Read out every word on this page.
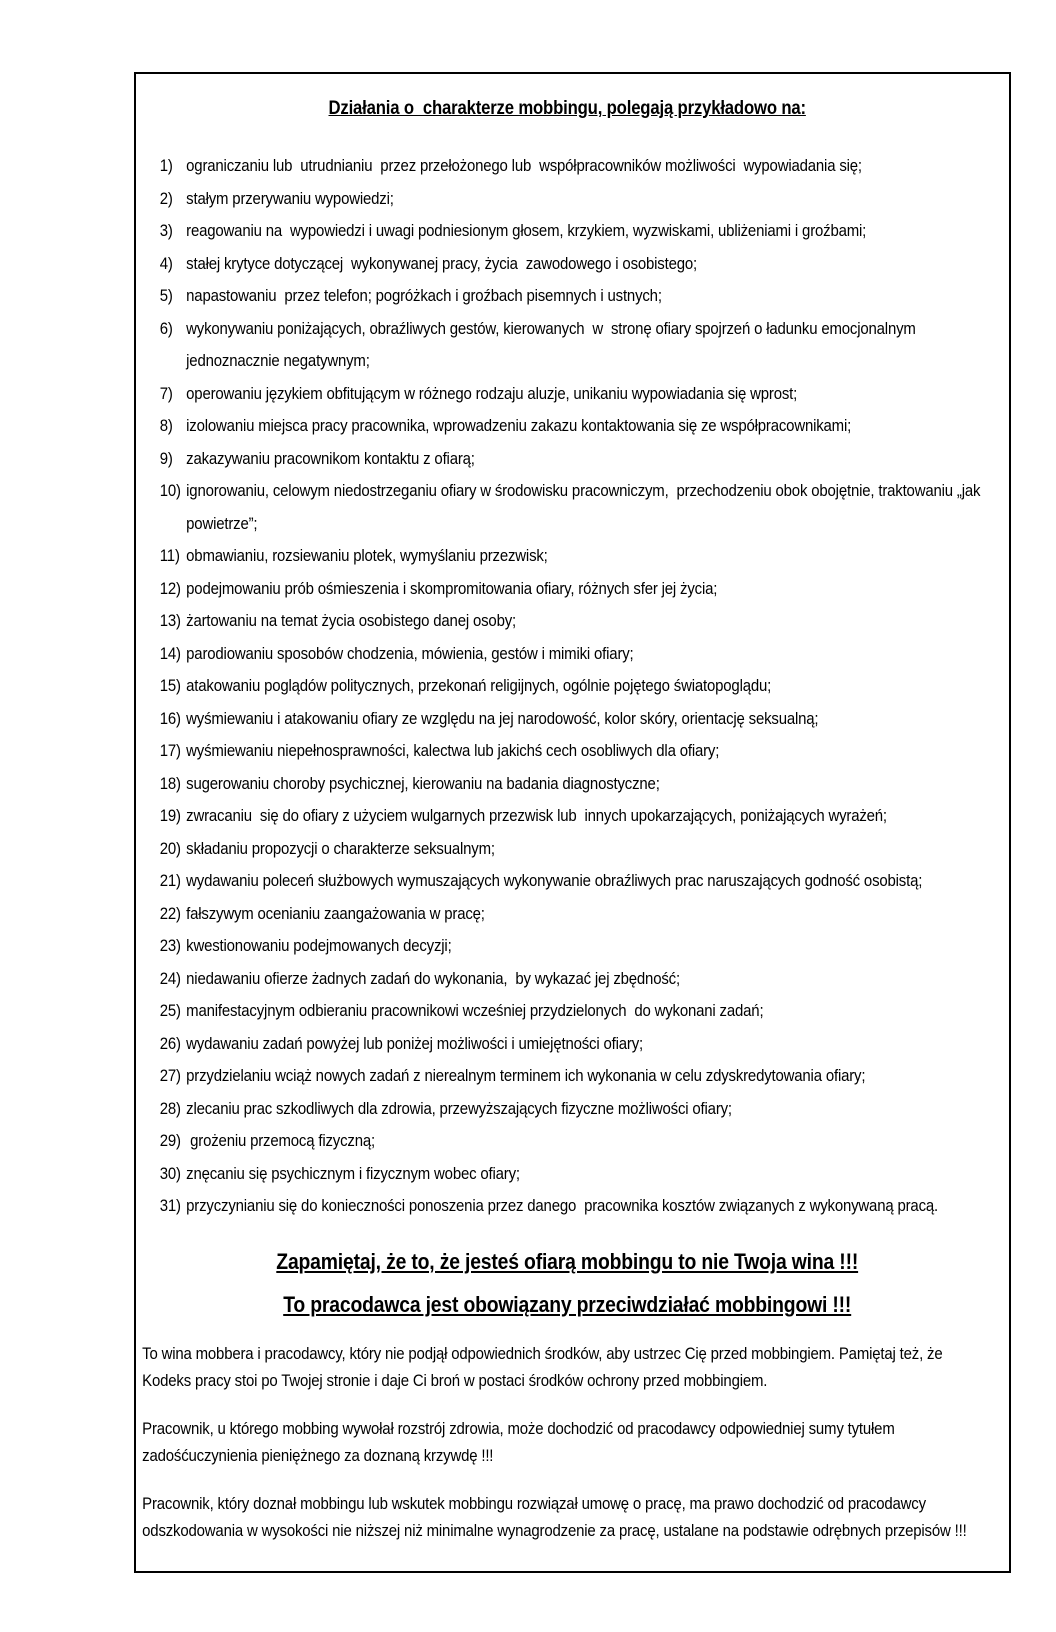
Działania o  charakterze mobbingu, polegają przykładowo na:
1) ograniczaniu lub  utrudnianiu  przez przełożonego lub  współpracowników możliwości  wypowiadania się;
2) stałym przerywaniu wypowiedzi;
3) reagowaniu na  wypowiedzi i uwagi podniesionym głosem, krzykiem, wyzwiskami, ubliżeniami i groźbami;
4) stałej krytyce dotyczącej  wykonywanej pracy, życia  zawodowego i osobistego;
5) napastowaniu  przez telefon; pogróżkach i groźbach pisemnych i ustnych;
6) wykonywaniu poniżających, obraźliwych gestów, kierowanych  w  stronę ofiary spojrzeń o ładunku emocjonalnym jednoznacznie negatywnym;
7) operowaniu językiem obfitującym w różnego rodzaju aluzje, unikaniu wypowiadania się wprost;
8) izolowaniu miejsca pracy pracownika, wprowadzeniu zakazu kontaktowania się ze współpracownikami;
9) zakazywaniu pracownikom kontaktu z ofiarą;
10) ignorowaniu, celowym niedostrzeganiu ofiary w środowisku pracowniczym,  przechodzeniu obok obojętnie, traktowaniu „jak powietrze”;
11) obmawianiu, rozsiewaniu plotek, wymyślaniu przezwisk;
12) podejmowaniu prób ośmieszenia i skompromitowania ofiary, różnych sfer jej życia;
13) żartowaniu na temat życia osobistego danej osoby;
14) parodiowaniu sposobów chodzenia, mówienia, gestów i mimiki ofiary;
15) atakowaniu poglądów politycznych, przekonań religijnych, ogólnie pojętego światopoglądu;
16) wyśmiewaniu i atakowaniu ofiary ze względu na jej narodowość, kolor skóry, orientację seksualną;
17) wyśmiewaniu niepełnosprawności, kalectwa lub jakichś cech osobliwych dla ofiary;
18) sugerowaniu choroby psychicznej, kierowaniu na badania diagnostyczne;
19) zwracaniu  się do ofiary z użyciem wulgarnych przezwisk lub  innych upokarzających, poniżających wyrażeń;
20) składaniu propozycji o charakterze seksualnym;
21) wydawaniu poleceń służbowych wymuszających wykonywanie obraźliwych prac naruszających godność osobistą;
22) fałszywym ocenianiu zaangażowania w pracę;
23) kwestionowaniu podejmowanych decyzji;
24) niedawaniu ofierze żadnych zadań do wykonania,  by wykazać jej zbędność;
25) manifestacyjnym odbieraniu pracownikowi wcześniej przydzielonych  do wykonani zadań;
26) wydawaniu zadań powyżej lub poniżej możliwości i umiejętności ofiary;
27) przydzielaniu wciąż nowych zadań z nierealnym terminem ich wykonania w celu zdyskredytowania ofiary;
28) zlecaniu prac szkodliwych dla zdrowia, przewyższających fizyczne możliwości ofiary;
29) grożeniu przemocą fizyczną;
30) znęcaniu się psychicznym i fizycznym wobec ofiary;
31) przyczynianiu się do konieczności ponoszenia przez danego  pracownika kosztów związanych z wykonywaną pracą.
Zapamiętaj, że to, że jesteś ofiarą mobbingu to nie Twoja wina !!!
To pracodawca jest obowiązany przeciwdziałać mobbingowi !!!

To wina mobbera i pracodawcy, który nie podjął odpowiednich środków, aby ustrzec Cię przed mobbingiem. Pamiętaj też, że Kodeks pracy stoi po Twojej stronie i daje Ci broń w postaci środków ochrony przed mobbingiem.

Pracownik, u którego mobbing wywołał rozstrój zdrowia, może dochodzić od pracodawcy odpowiedniej sumy tytułem zadośćuczynienia pieniężnego za doznaną krzywdę !!!

Pracownik, który doznał mobbingu lub wskutek mobbingu rozwiązał umowę o pracę, ma prawo dochodzić od pracodawcy odszkodowania w wysokości nie niższej niż minimalne wynagrodzenie za pracę, ustalane na podstawie odrębnych przepisów !!!
